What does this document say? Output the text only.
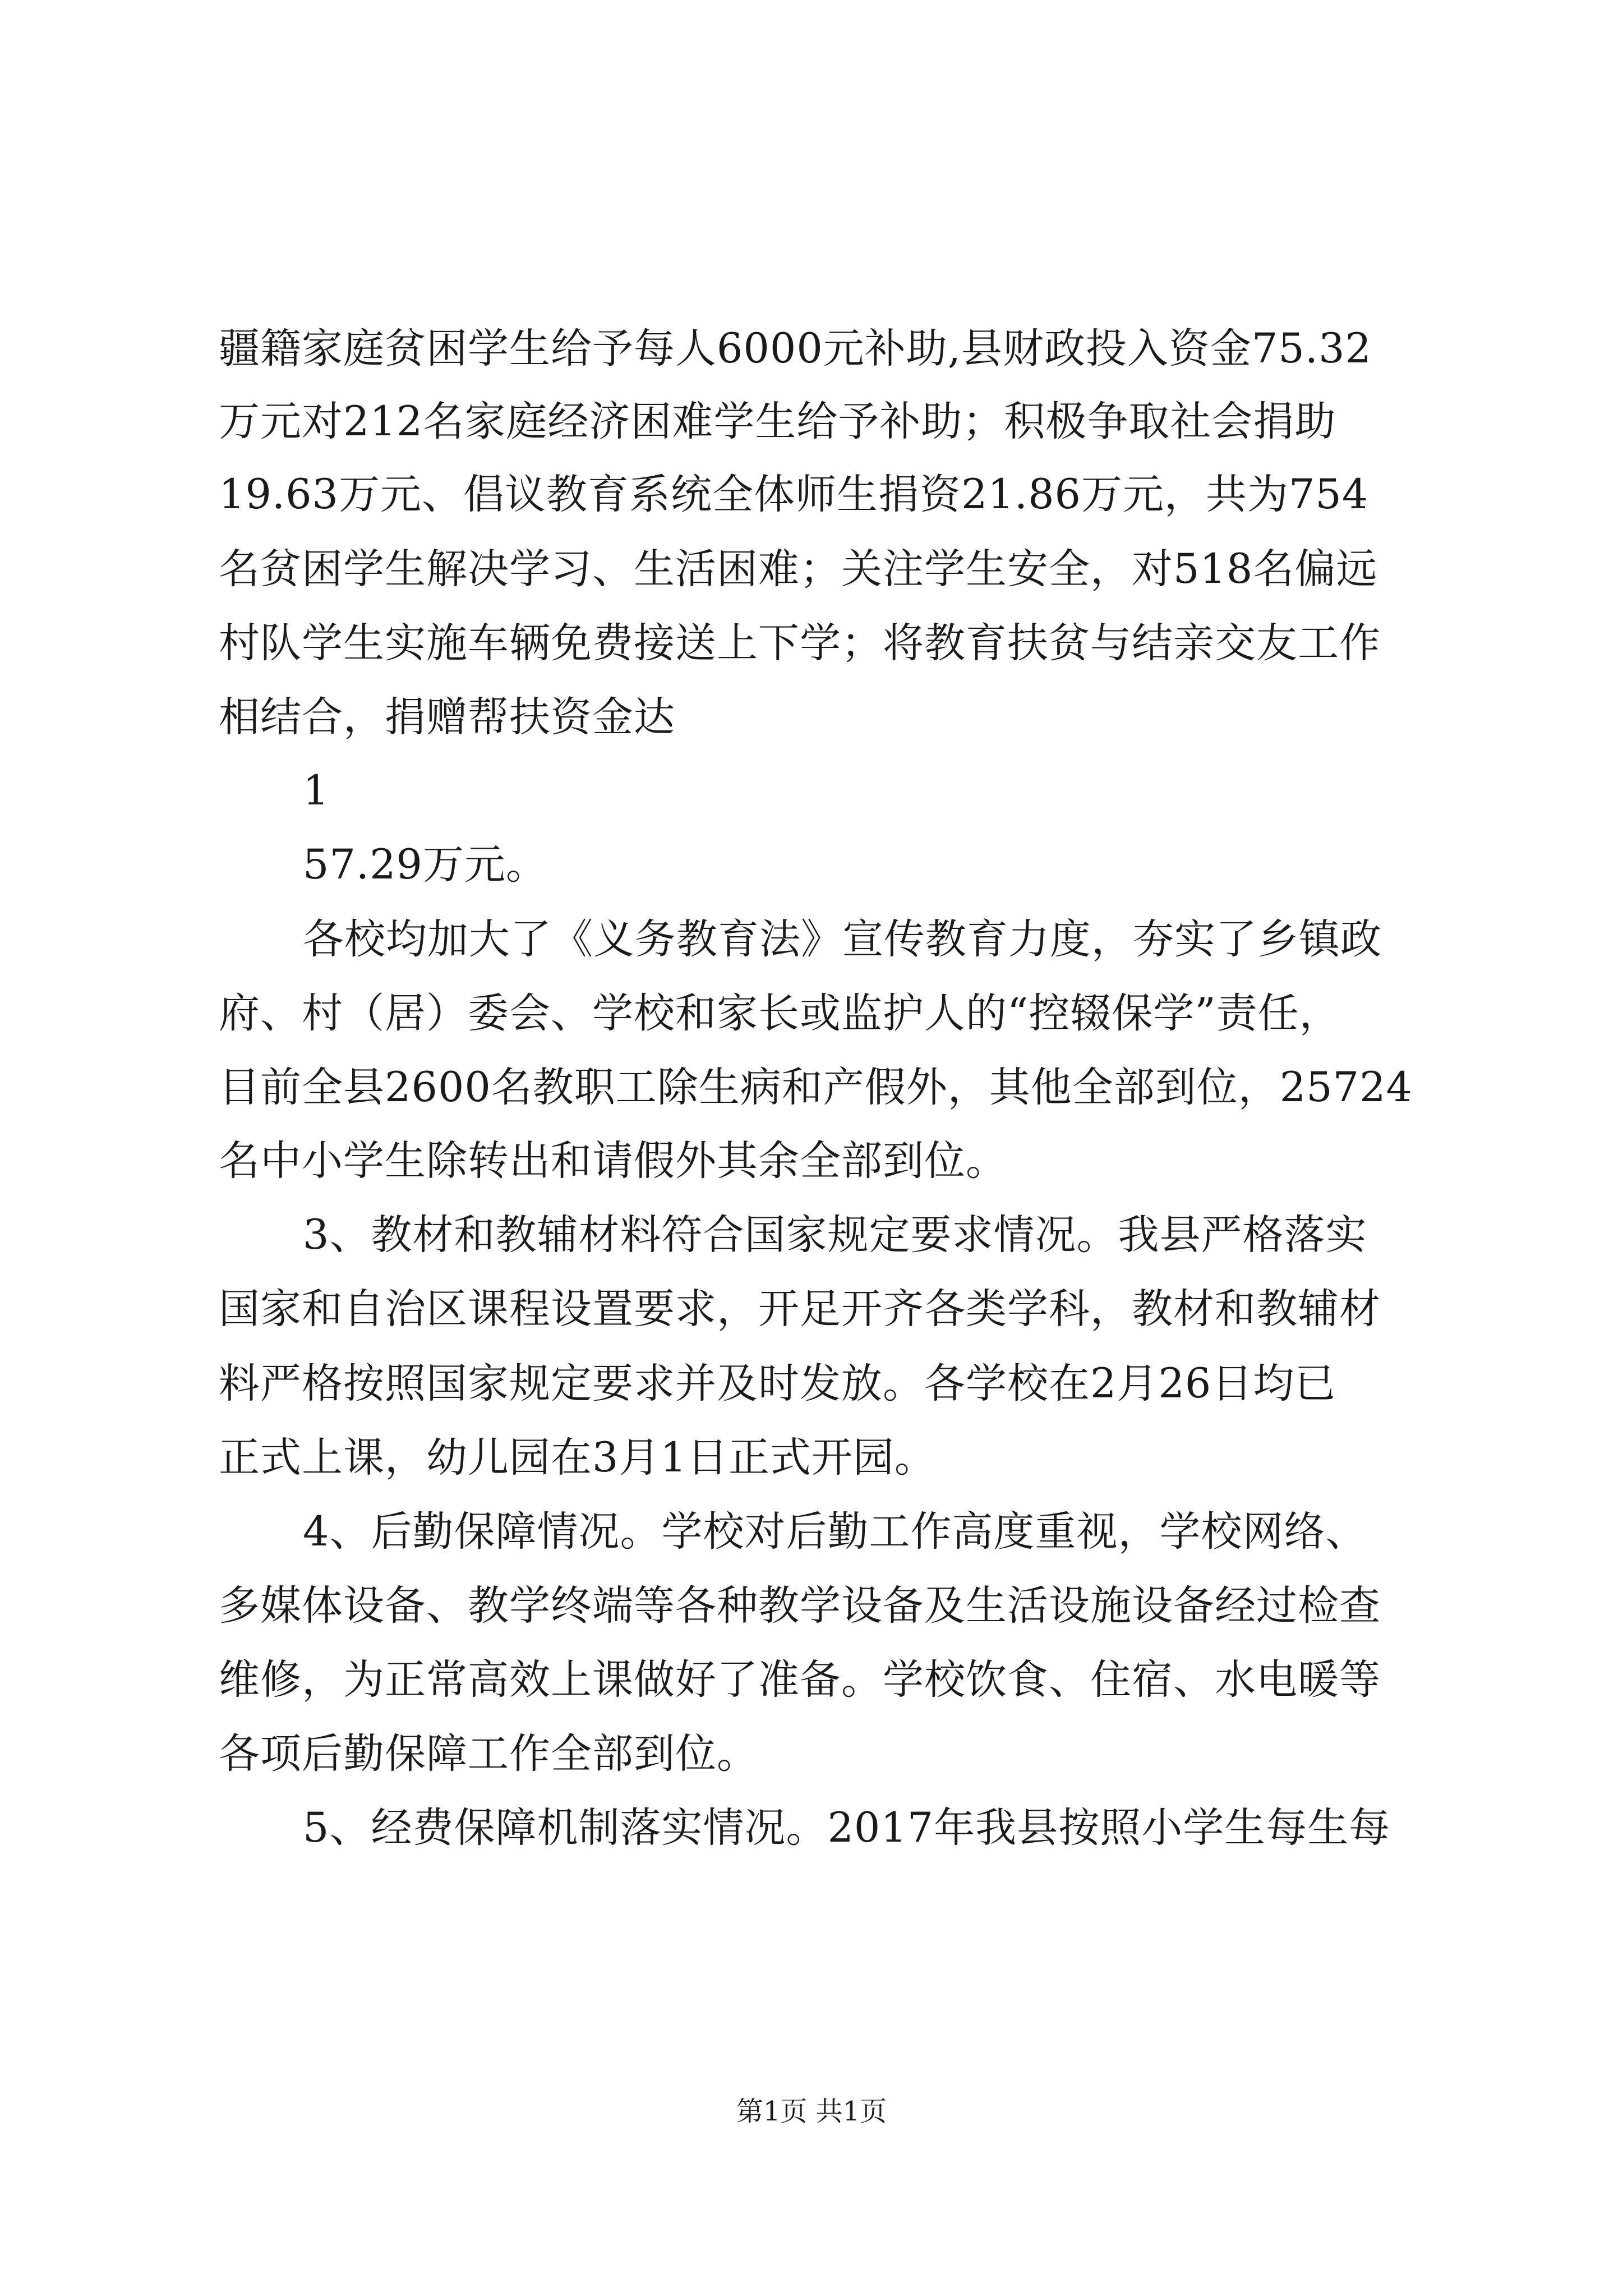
疆籍家庭贫困学生给予每人6000元补助,县财政投入资金75.32
万元对212名家庭经济困难学生给予补助；积极争取社会捐助
19.63万元、倡议教育系统全体师生捐资21.86万元，共为754
名贫困学生解决学习、生活困难；关注学生安全，对518名偏远
村队学生实施车辆免费接送上下学；将教育扶贫与结亲交友工作
相结合，捐赠帮扶资金达
1
57.29万元。
各校均加大了《义务教育法》宣传教育力度，夯实了乡镇政
府、村（居）委会、学校和家长或监护人的“控辍保学”责任，
目前全县2600名教职工除生病和产假外，其他全部到位，25724
名中小学生除转出和请假外其余全部到位。
3、教材和教辅材料符合国家规定要求情况。我县严格落实
国家和自治区课程设置要求，开足开齐各类学科，教材和教辅材
料严格按照国家规定要求并及时发放。各学校在2月26日均已
正式上课，幼儿园在3月1日正式开园。
4、后勤保障情况。学校对后勤工作高度重视，学校网络、
多媒体设备、教学终端等各种教学设备及生活设施设备经过检查
维修，为正常高效上课做好了准备。学校饮食、住宿、水电暖等
各项后勤保障工作全部到位。
5、经费保障机制落实情况。2017年我县按照小学生每生每
第1页 共1页
